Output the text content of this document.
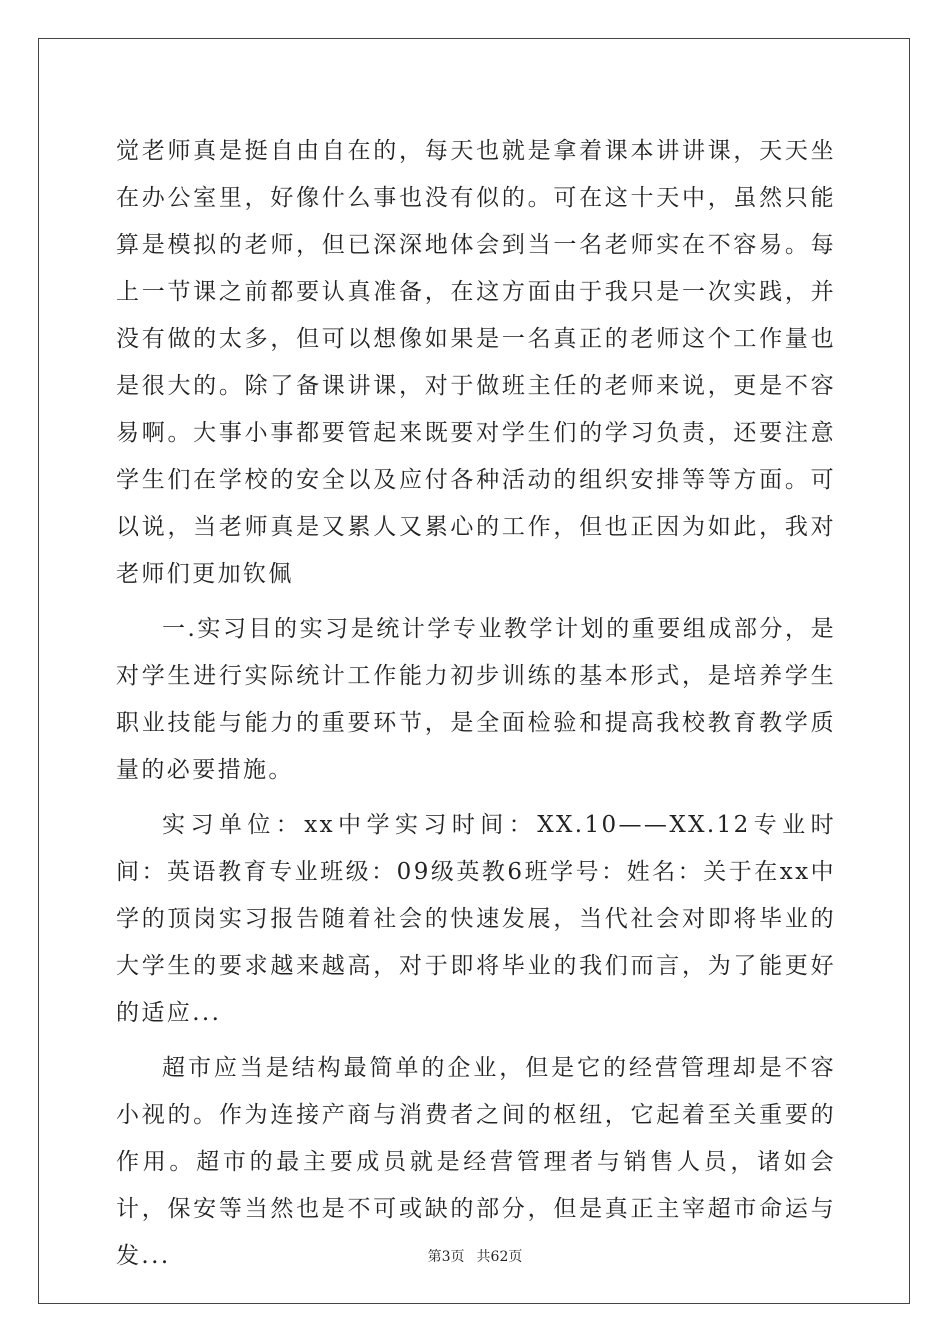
觉老师真是挺自由自在的，每天也就是拿着课本讲讲课，天天坐在办公室里，好像什么事也没有似的。可在这十天中，虽然只能算是模拟的老师，但已深深地体会到当一名老师实在不容易。每上一节课之前都要认真准备，在这方面由于我只是一次实践，并没有做的太多，但可以想像如果是一名真正的老师这个工作量也是很大的。除了备课讲课，对于做班主任的老师来说，更是不容易啊。大事小事都要管起来既要对学生们的学习负责，还要注意学生们在学校的安全以及应付各种活动的组织安排等等方面。可以说，当老师真是又累人又累心的工作，但也正因为如此，我对老师们更加钦佩

一.实习目的实习是统计学专业教学计划的重要组成部分，是对学生进行实际统计工作能力初步训练的基本形式，是培养学生职业技能与能力的重要环节，是全面检验和提高我校教育教学质量的必要措施。

实习单位：xx中学实习时间：XX.10——XX.12专业时间：英语教育专业班级：09级英教6班学号：姓名：关于在xx中学的顶岗实习报告随着社会的快速发展，当代社会对即将毕业的大学生的要求越来越高，对于即将毕业的我们而言，为了能更好的适应...

超市应当是结构最简单的企业，但是它的经营管理却是不容小视的。作为连接产商与消费者之间的枢纽，它起着至关重要的作用。超市的最主要成员就是经营管理者与销售人员，诸如会计，保安等当然也是不可或缺的部分，但是真正主宰超市命运与发...	第3页 共62页
